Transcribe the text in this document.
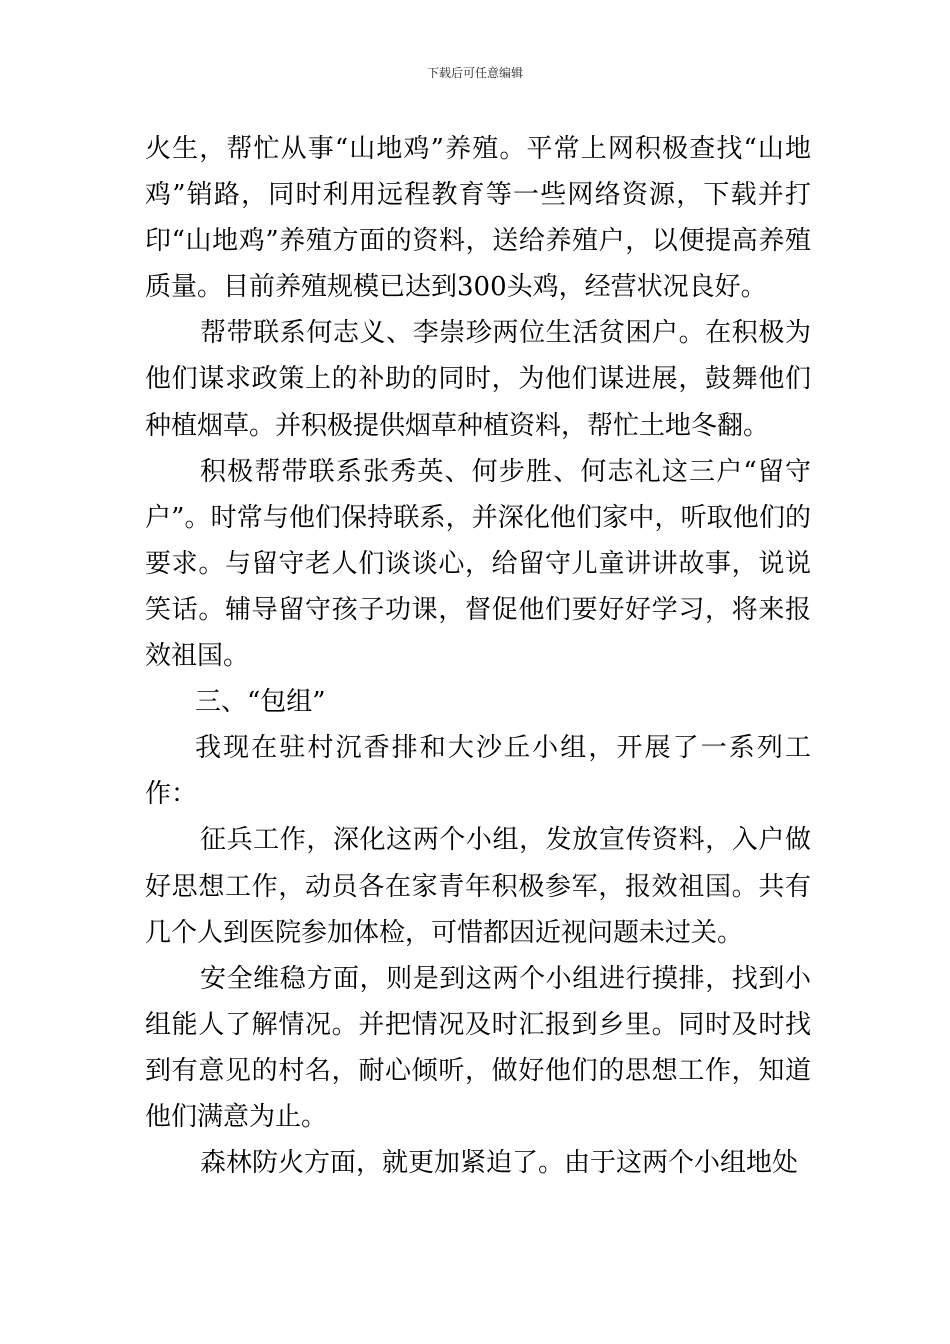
下载后可任意编辑

火生，帮忙从事“山地鸡”养殖。平常上网积极查找“山地鸡”销路，同时利用远程教育等一些网络资源，下载并打印“山地鸡”养殖方面的资料，送给养殖户，以便提高养殖质量。目前养殖规模已达到300头鸡，经营状况良好。

帮带联系何志义、李崇珍两位生活贫困户。在积极为他们谋求政策上的补助的同时，为他们谋进展，鼓舞他们种植烟草。并积极提供烟草种植资料，帮忙土地冬翻。

积极帮带联系张秀英、何步胜、何志礼这三户“留守户”。时常与他们保持联系，并深化他们家中，听取他们的要求。与留守老人们谈谈心，给留守儿童讲讲故事，说说笑话。辅导留守孩子功课，督促他们要好好学习，将来报效祖国。

三、“包组”

我现在驻村沉香排和大沙丘小组，开展了一系列工作：

征兵工作，深化这两个小组，发放宣传资料，入户做好思想工作，动员各在家青年积极参军，报效祖国。共有几个人到医院参加体检，可惜都因近视问题未过关。

安全维稳方面，则是到这两个小组进行摸排，找到小组能人了解情况。并把情况及时汇报到乡里。同时及时找到有意见的村名，耐心倾听，做好他们的思想工作，知道他们满意为止。

森林防火方面，就更加紧迫了。由于这两个小组地处
